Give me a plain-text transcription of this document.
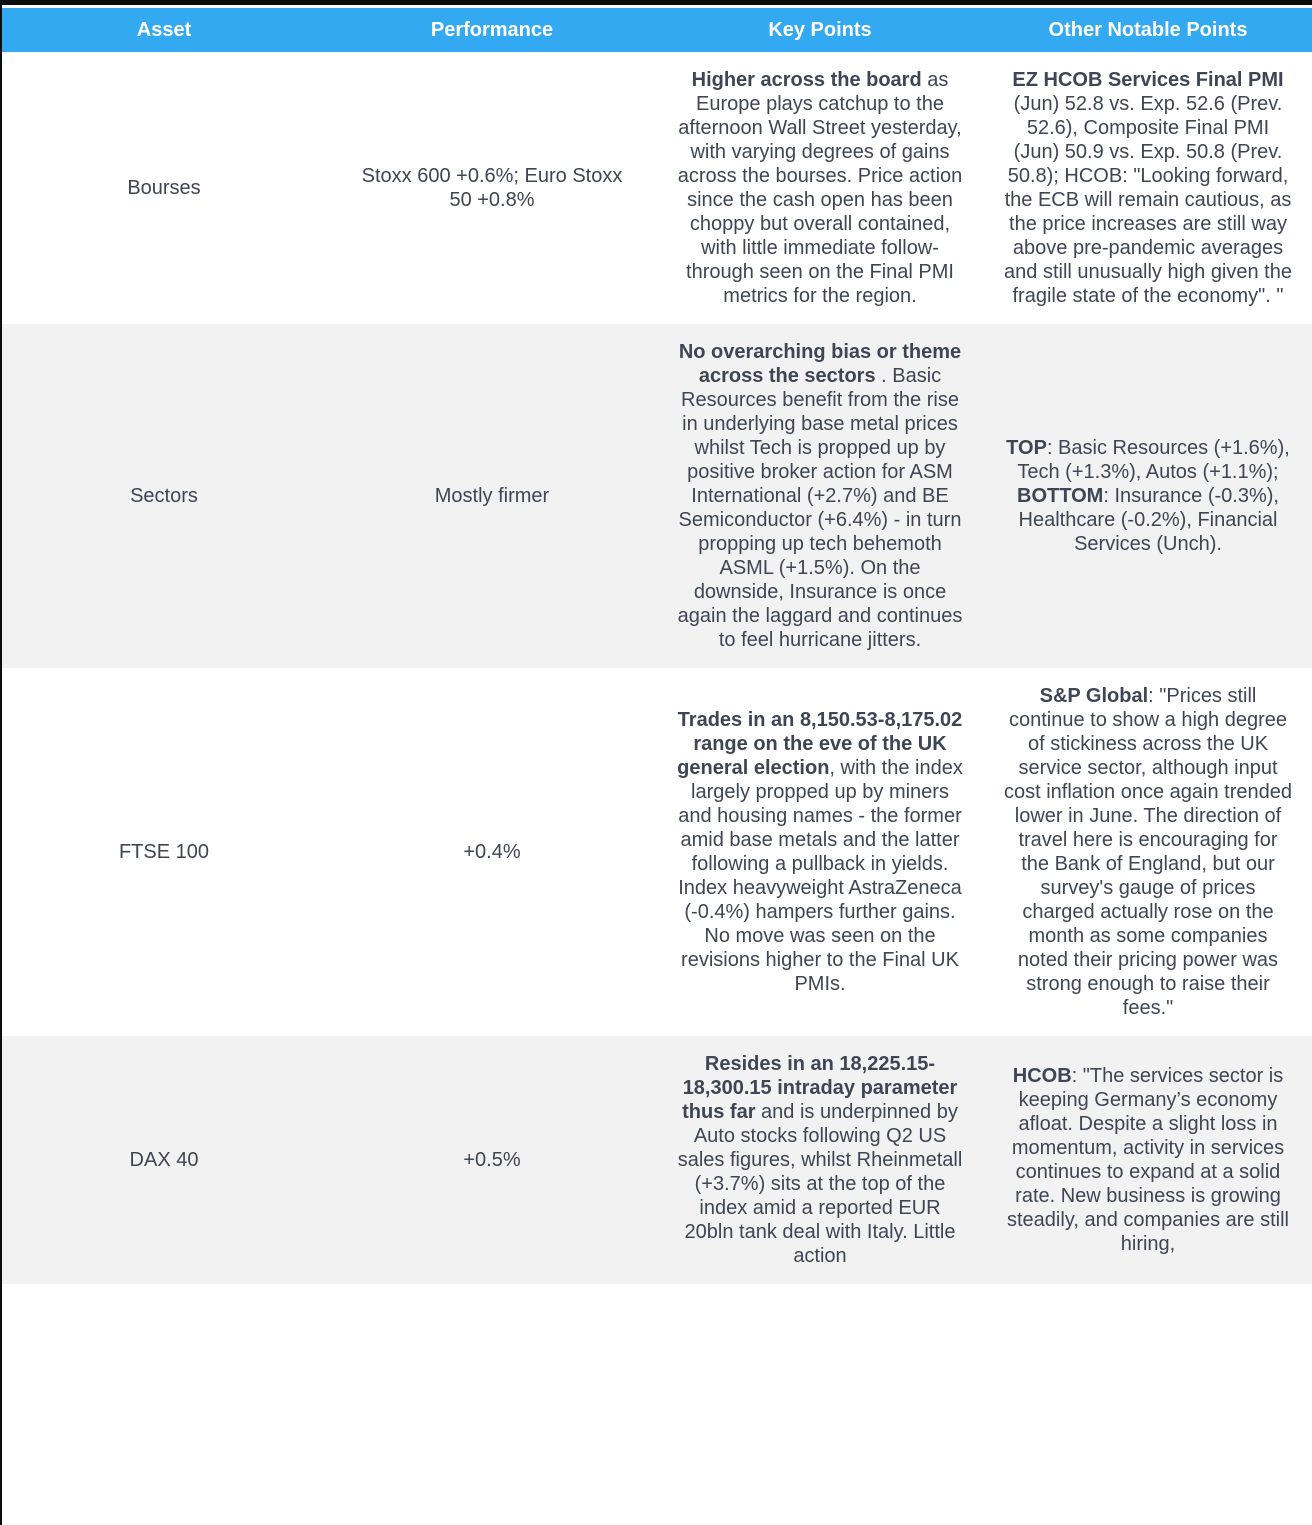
Asset	Performance	Key Points	Other Notable Points
Bourses	Stoxx 600 +0.6%; Euro Stoxx 50 +0.8%	Higher across the board as Europe plays catchup to the afternoon Wall Street yesterday, with varying degrees of gains across the bourses. Price action since the cash open has been choppy but overall contained, with little immediate follow-through seen on the Final PMI metrics for the region.	EZ HCOB Services Final PMI (Jun) 52.8 vs. Exp. 52.6 (Prev. 52.6), Composite Final PMI (Jun) 50.9 vs. Exp. 50.8 (Prev. 50.8); HCOB: "Looking forward, the ECB will remain cautious, as the price increases are still way above pre-pandemic averages and still unusually high given the fragile state of the economy". "
Sectors	Mostly firmer	No overarching bias or theme across the sectors . Basic Resources benefit from the rise in underlying base metal prices whilst Tech is propped up by positive broker action for ASM International (+2.7%) and BE Semiconductor (+6.4%) - in turn propping up tech behemoth ASML (+1.5%). On the downside, Insurance is once again the laggard and continues to feel hurricane jitters.	TOP: Basic Resources (+1.6%), Tech (+1.3%), Autos (+1.1%); BOTTOM: Insurance (-0.3%), Healthcare (-0.2%), Financial Services (Unch).
FTSE 100	+0.4%	Trades in an 8,150.53-8,175.02 range on the eve of the UK general election, with the index largely propped up by miners and housing names - the former amid base metals and the latter following a pullback in yields. Index heavyweight AstraZeneca (-0.4%) hampers further gains. No move was seen on the revisions higher to the Final UK PMIs.	S&P Global: "Prices still continue to show a high degree of stickiness across the UK service sector, although input cost inflation once again trended lower in June. The direction of travel here is encouraging for the Bank of England, but our survey's gauge of prices charged actually rose on the month as some companies noted their pricing power was strong enough to raise their fees."
DAX 40	+0.5%	Resides in an 18,225.15-18,300.15 intraday parameter thus far and is underpinned by Auto stocks following Q2 US sales figures, whilst Rheinmetall (+3.7%) sits at the top of the index amid a reported EUR 20bln tank deal with Italy. Little action	HCOB: "The services sector is keeping Germany’s economy afloat. Despite a slight loss in momentum, activity in services continues to expand at a solid rate. New business is growing steadily, and companies are still hiring,
